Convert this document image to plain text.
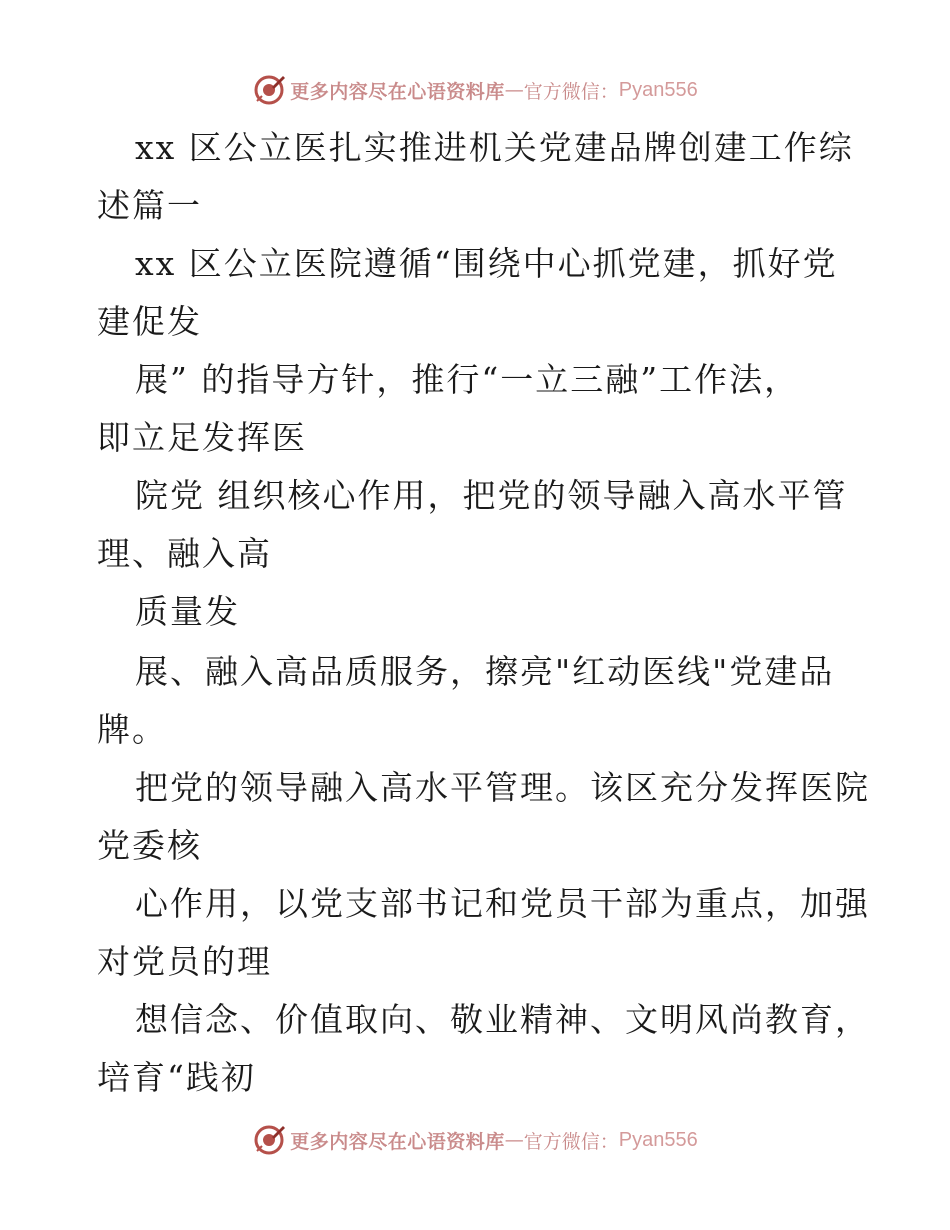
更多内容尽在心语资料库 — 官方微信： Pyan556
xx 区公立医扎实推进机关党建品牌创建工作综
述篇一
xx 区公立医院遵循“围绕中心抓党建，抓好党
建促发
展” 的指导方针，推行“一立三融”工作法，
即立足发挥医
院党 组织核心作用，把党的领导融入高水平管
理、融入高
质量发
展、融入高品质服务，擦亮"红动医线"党建品
牌。
把党的领导融入高水平管理。该区充分发挥医院
党委核
心作用，以党支部书记和党员干部为重点，加强
对党员的理
想信念、价值取向、敬业精神、文明风尚教育，
培育“践初
更多内容尽在心语资料库 — 官方微信： Pyan556
